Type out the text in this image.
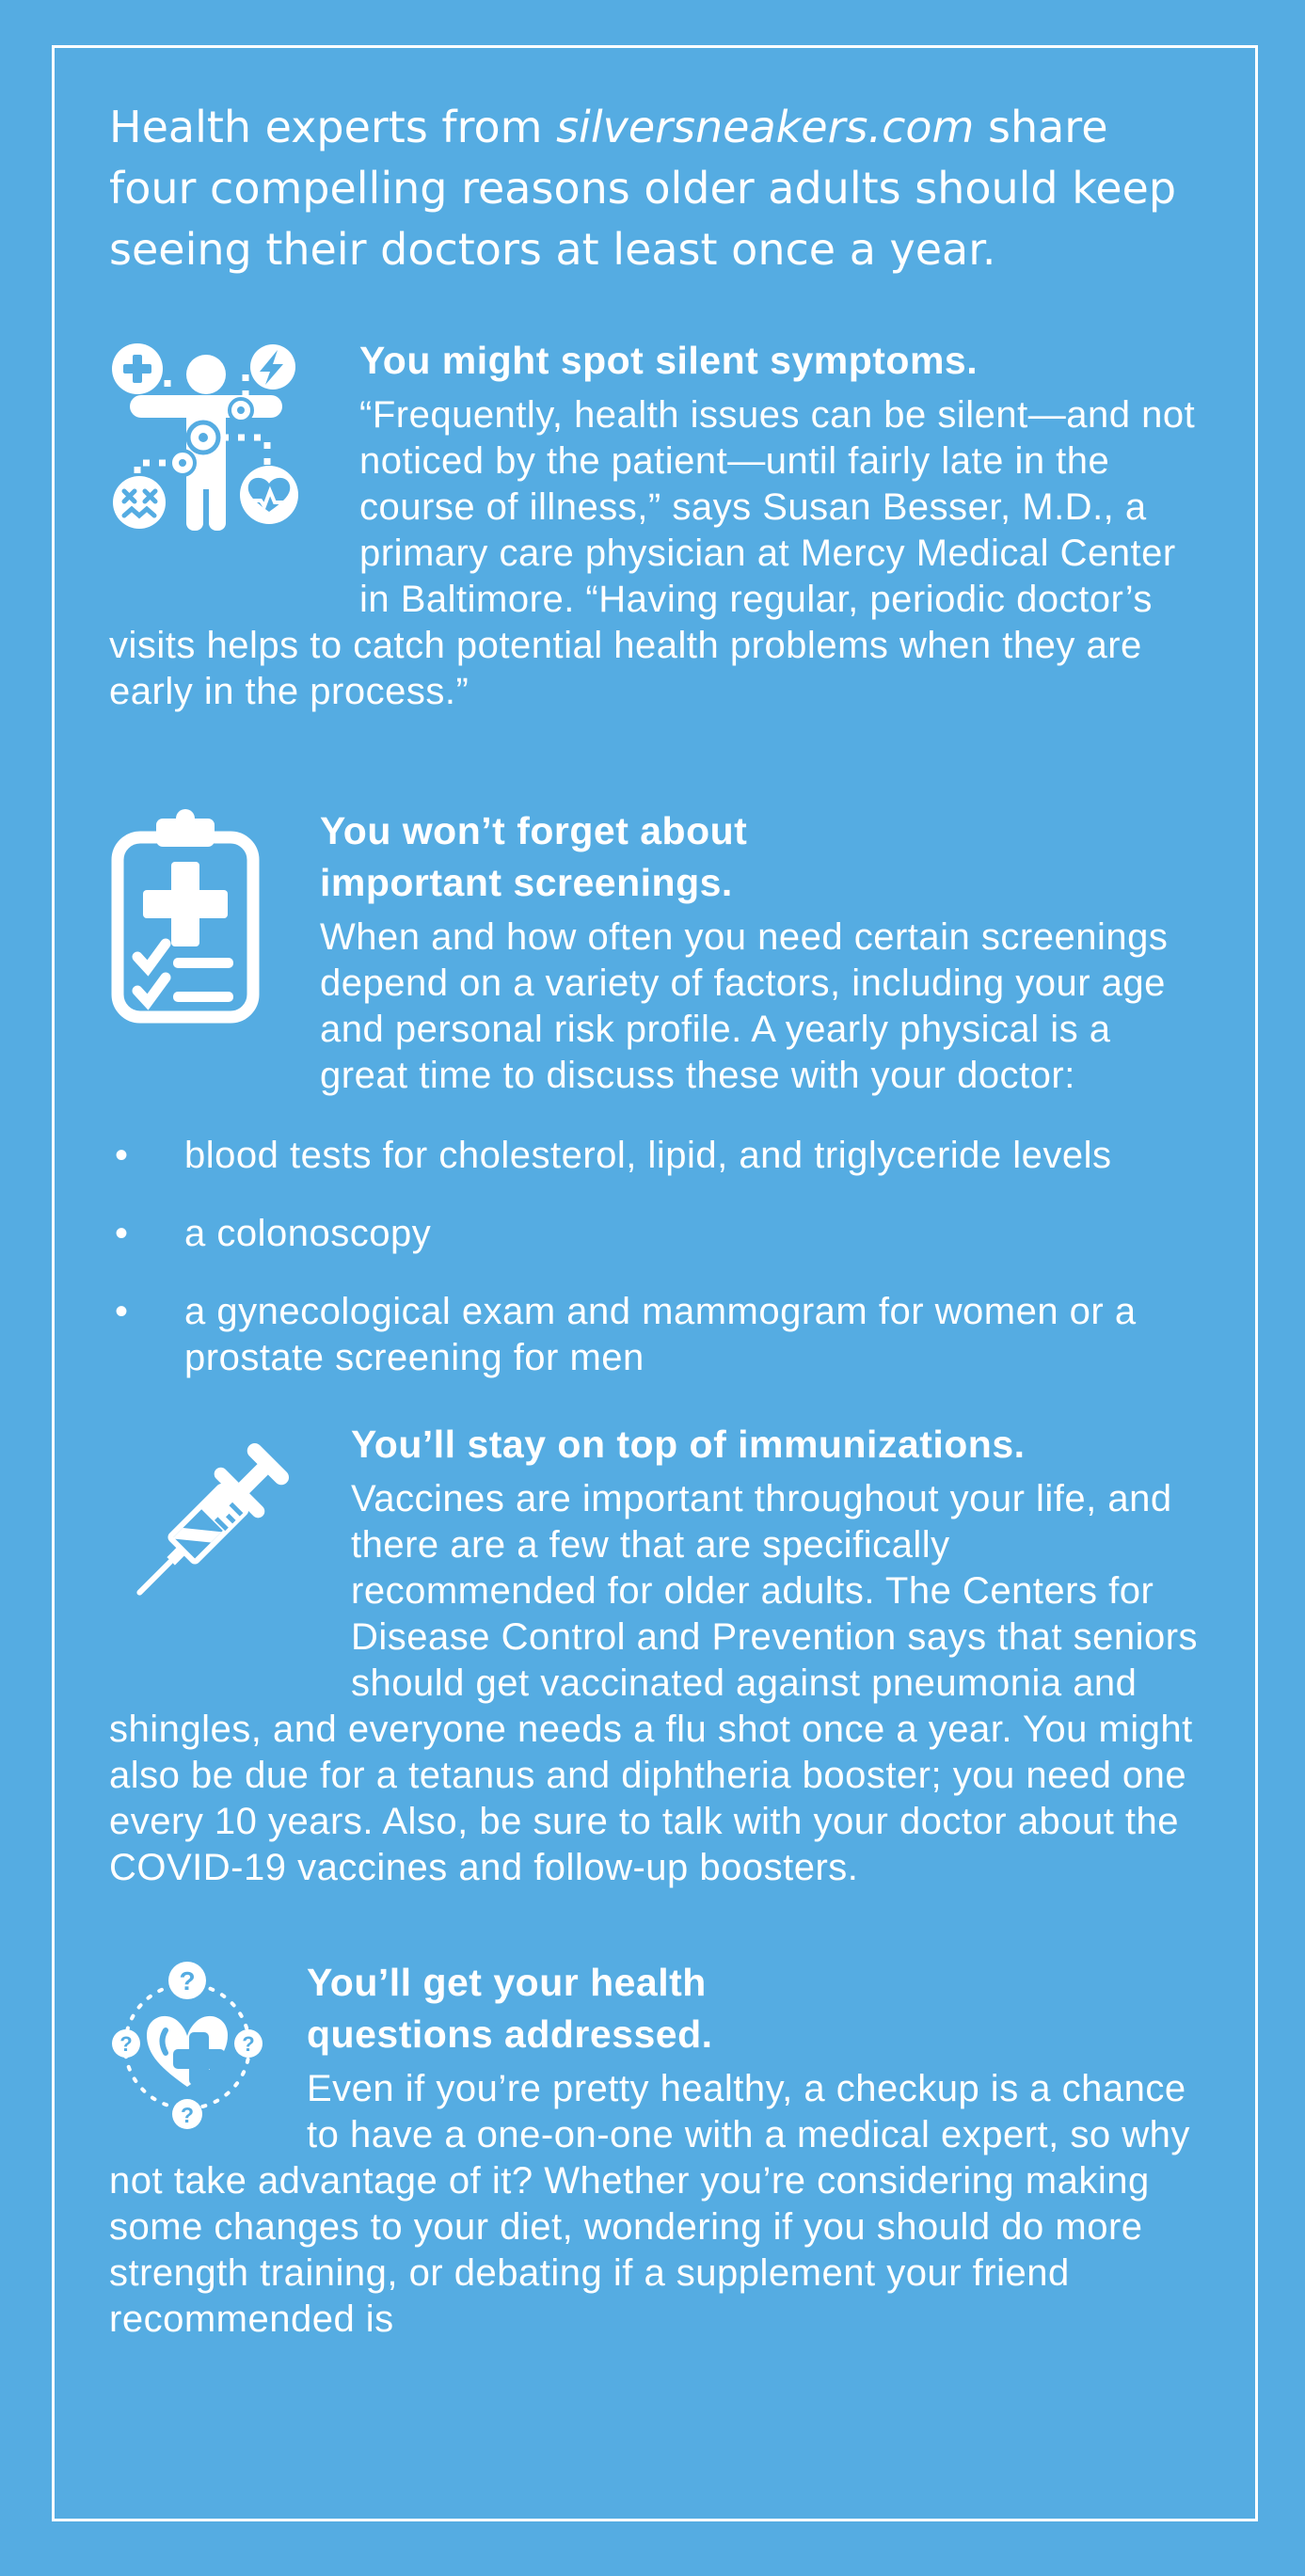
Health experts from silversneakers.com share four compelling reasons older adults should keep seeing their doctors at least once a year.

You might spot silent symptoms.

“Frequently, health issues can be silent—and not noticed by the patient—until fairly late in the course of illness,” says Susan Besser, M.D., a primary care physician at Mercy Medical Center in Baltimore. “Having regular, periodic doctor’s visits helps to catch potential health problems when they are early in the process.”

You won’t forget about important screenings.

When and how often you need certain screenings depend on a variety of factors, including your age and personal risk profile. A yearly physical is a great time to discuss these with your doctor:

• blood tests for cholesterol, lipid, and triglyceride levels
• a colonoscopy
• a gynecological exam and mammogram for women or a prostate screening for men
You’ll stay on top of immunizations.

Vaccines are important throughout your life, and there are a few that are specifically recommended for older adults. The Centers for Disease Control and Prevention says that seniors should get vaccinated against pneumonia and shingles, and everyone needs a flu shot once a year. You might also be due for a tetanus and diphtheria booster; you need one every 10 years. Also, be sure to talk with your doctor about the COVID-19 vaccines and follow-up boosters.

?
?	?
?
You’ll get your health questions addressed.

Even if you’re pretty healthy, a checkup is a chance to have a one-on-one with a medical expert, so why not take advantage of it? Whether you’re considering making some changes to your diet, wondering if you should do more strength training, or debating if a supplement your friend recommended is
